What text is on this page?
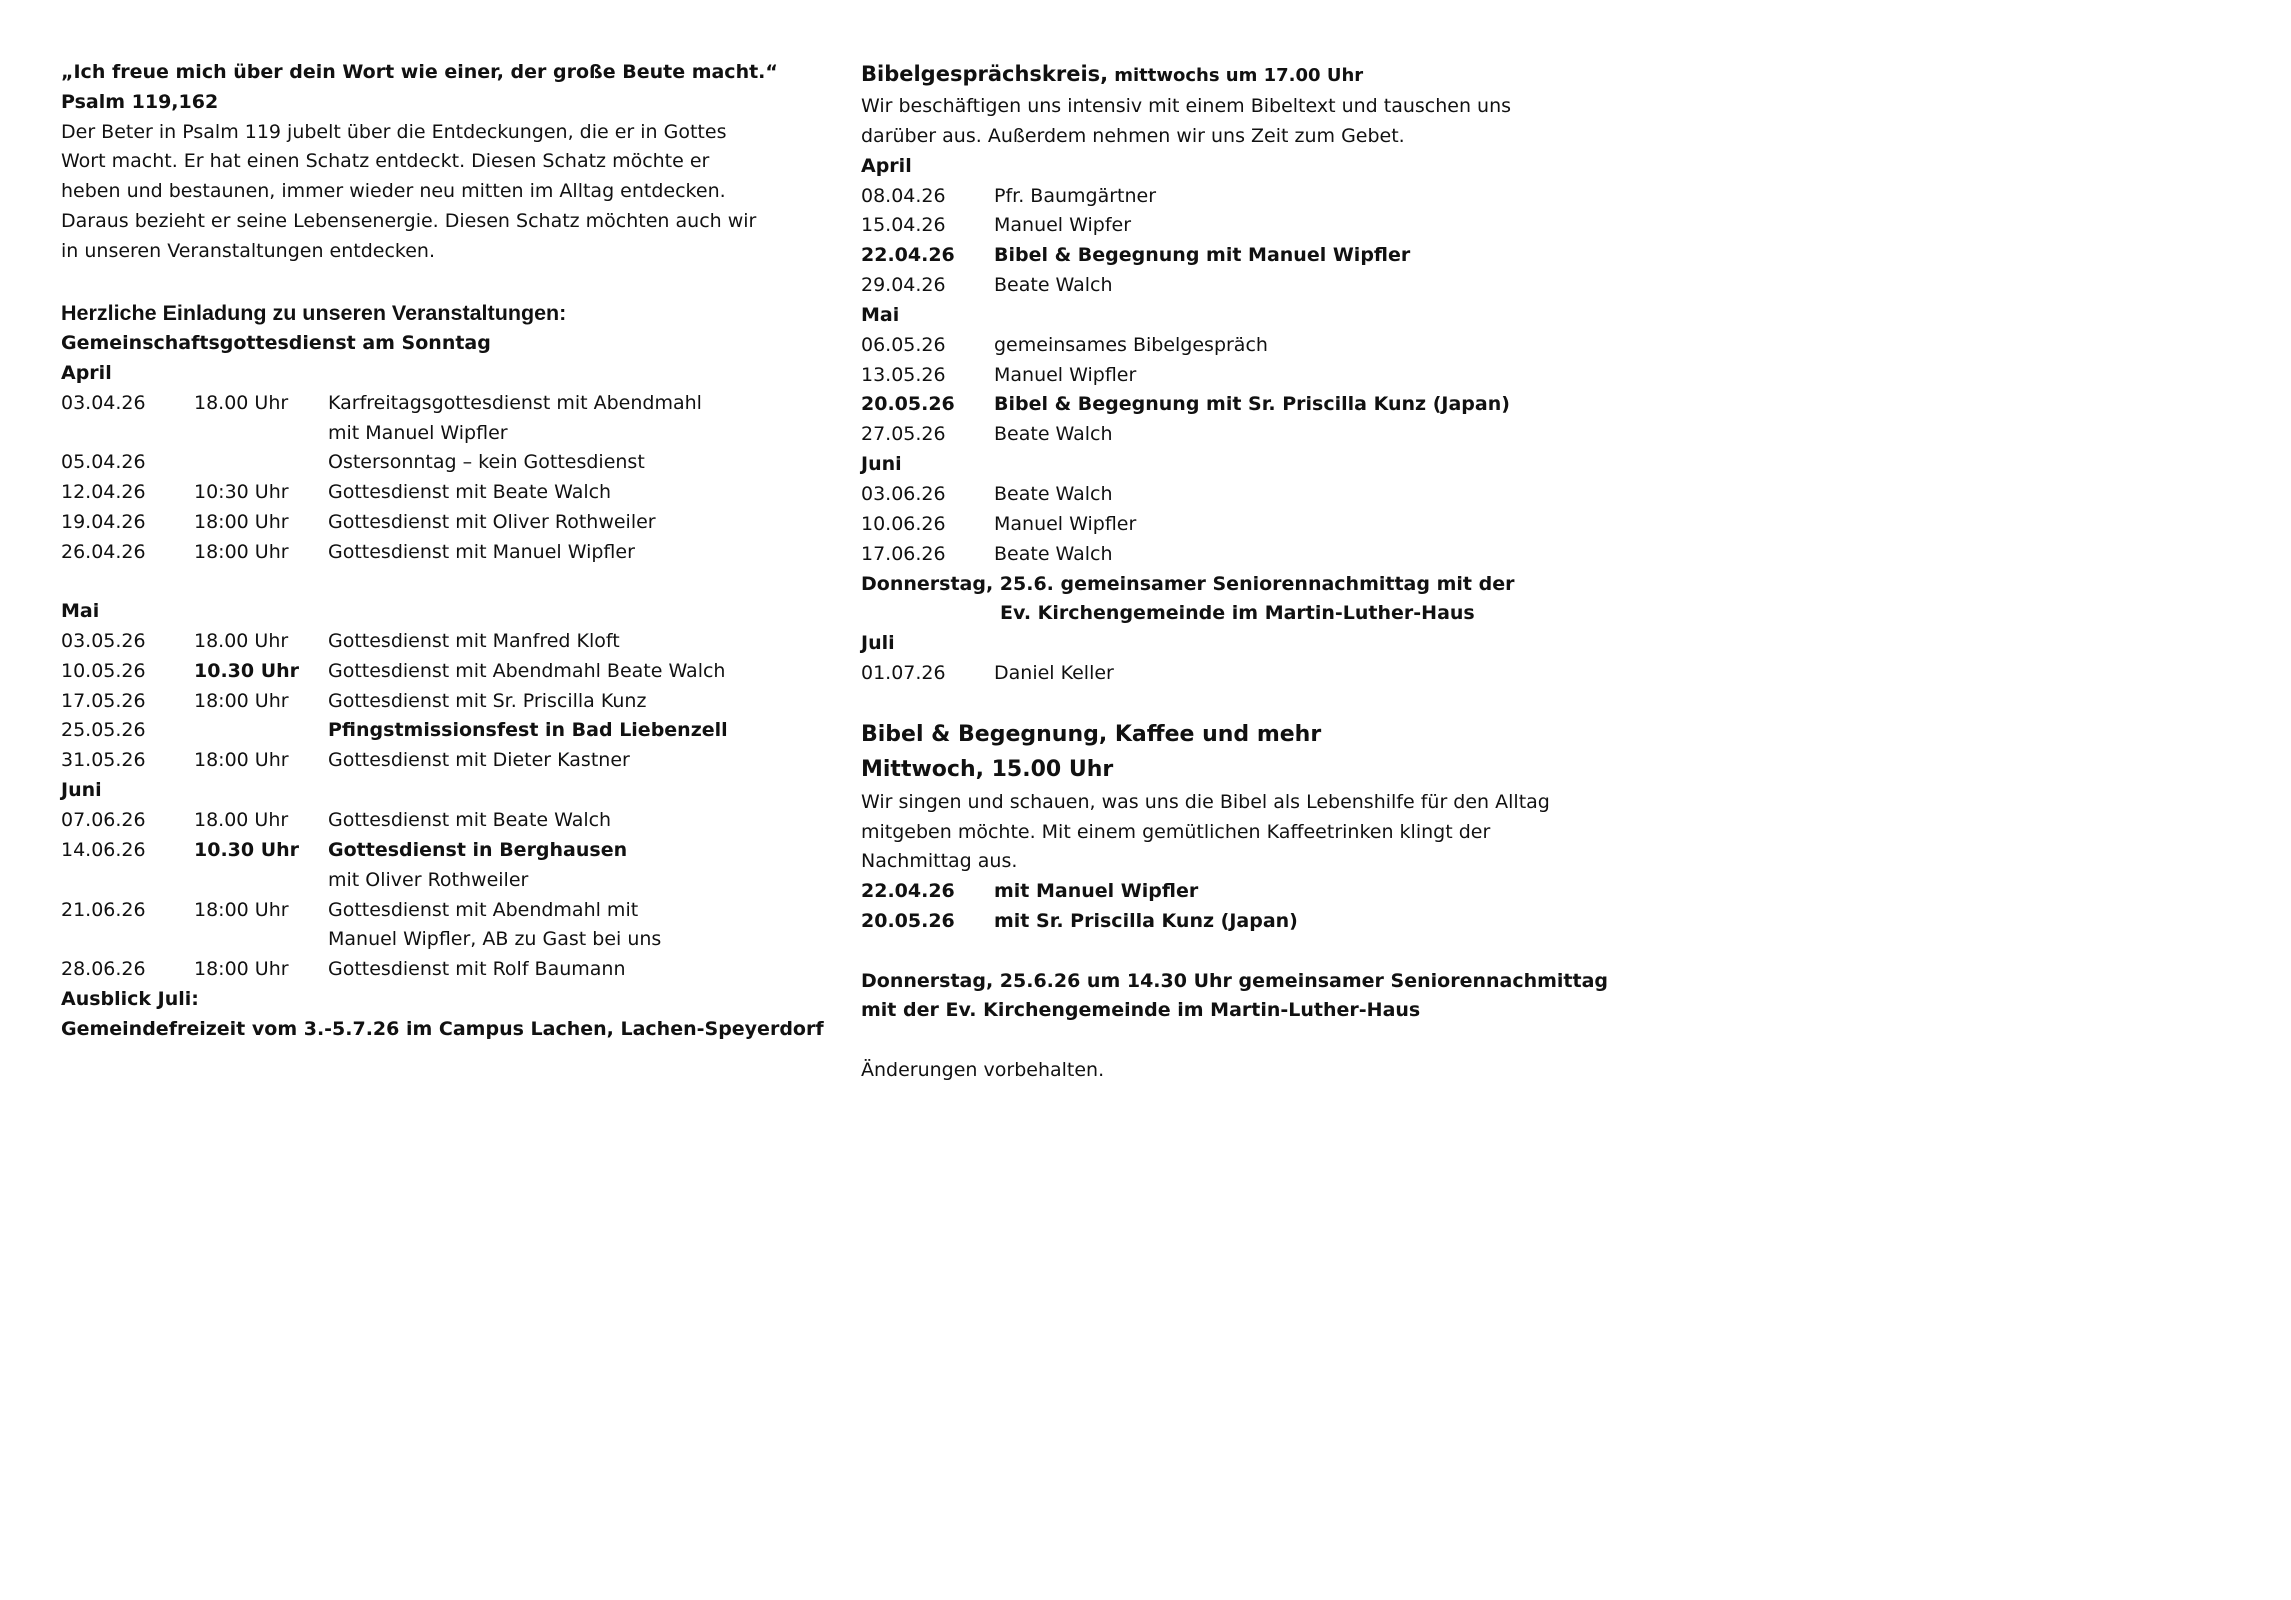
„Ich freue mich über dein Wort wie einer, der große Beute macht.“
Psalm 119,162
Der Beter in Psalm 119 jubelt über die Entdeckungen, die er in Gottes
Wort macht. Er hat einen Schatz entdeckt. Diesen Schatz möchte er
heben und bestaunen, immer wieder neu mitten im Alltag entdecken.
Daraus bezieht er seine Lebensenergie. Diesen Schatz möchten auch wir
in unseren Veranstaltungen entdecken.
Herzliche Einladung zu unseren Veranstaltungen:
Gemeinschaftsgottesdienst am Sonntag
April
03.04.26	18.00 Uhr Karfreitagsgottesdienst mit Abendmahl
mit Manuel Wipfler
05.04.26	Ostersonntag – kein Gottesdienst
12.04.26	10:30 Uhr Gottesdienst mit Beate Walch
19.04.26	18:00 Uhr Gottesdienst mit Oliver Rothweiler
26.04.26	18:00 Uhr Gottesdienst mit Manuel Wipfler
Mai
03.05.26	18.00 Uhr Gottesdienst mit Manfred Kloft
10.05.26	10.30 Uhr Gottesdienst mit Abendmahl Beate Walch
17.05.26	18:00 Uhr Gottesdienst mit Sr. Priscilla Kunz
25.05.26	Pfingstmissionsfest in Bad Liebenzell
31.05.26	18:00 Uhr Gottesdienst mit Dieter Kastner
Juni
07.06.26	18.00 Uhr Gottesdienst mit Beate Walch
14.06.26	10.30 Uhr Gottesdienst in Berghausen
mit Oliver Rothweiler
21.06.26	18:00 Uhr Gottesdienst mit Abendmahl mit
Manuel Wipfler, AB zu Gast bei uns
28.06.26	18:00 Uhr Gottesdienst mit Rolf Baumann
Ausblick Juli:
Gemeindefreizeit vom 3.-5.7.26 im Campus Lachen, Lachen-Speyerdorf
Bibelgesprächskreis, mittwochs um 17.00 Uhr
Wir beschäftigen uns intensiv mit einem Bibeltext und tauschen uns
darüber aus. Außerdem nehmen wir uns Zeit zum Gebet.
April
08.04.26	Pfr. Baumgärtner
15.04.26	Manuel Wipfer
22.04.26 Bibel & Begegnung mit Manuel Wipfler
29.04.26	Beate Walch
Mai
06.05.26	gemeinsames Bibelgespräch
13.05.26	Manuel Wipfler
20.05.26 Bibel & Begegnung mit Sr. Priscilla Kunz (Japan)
27.05.26	Beate Walch
Juni
03.06.26	Beate Walch
10.06.26	Manuel Wipfler
17.06.26	Beate Walch
Donnerstag, 25.6. gemeinsamer Seniorennachmittag mit der
Ev. Kirchengemeinde im Martin-Luther-Haus
Juli
01.07.26	Daniel Keller
Bibel & Begegnung, Kaffee und mehr
Mittwoch, 15.00 Uhr
Wir singen und schauen, was uns die Bibel als Lebenshilfe für den Alltag
mitgeben möchte. Mit einem gemütlichen Kaffeetrinken klingt der
Nachmittag aus.
22.04.26 mit Manuel Wipfler
20.05.26 mit Sr. Priscilla Kunz (Japan)
Donnerstag, 25.6.26 um 14.30 Uhr gemeinsamer Seniorennachmittag
mit der Ev. Kirchengemeinde im Martin-Luther-Haus
Änderungen vorbehalten.
